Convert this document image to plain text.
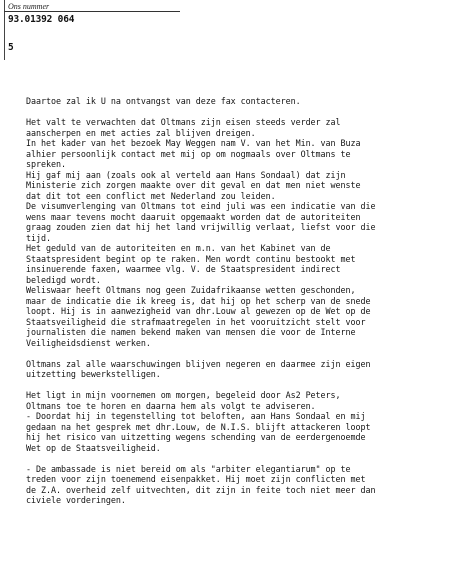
Ons nummer
93.01392 064
5
Daartoe zal ik U na ontvangst van deze fax contacteren.
Het valt te verwachten dat Oltmans zijn eisen steeds verder zal
aanscherpen en met acties zal blijven dreigen.
In het kader van het bezoek May Weggen nam V. van het Min. van Buza
alhier persoonlijk contact met mij op om nogmaals over Oltmans te
spreken.
Hij gaf mij aan (zoals ook al verteld aan Hans Sondaal) dat zijn
Ministerie zich zorgen maakte over dit geval en dat men niet wenste
dat dit tot een conflict met Nederland zou leiden.
De visumverlenging van Oltmans tot eind juli was een indicatie van die
wens maar tevens mocht daaruit opgemaakt worden dat de autoriteiten
graag zouden zien dat hij het land vrijwillig verlaat, liefst voor die
tijd.
Het geduld van de autoriteiten en m.n. van het Kabinet van de
Staatspresident begint op te raken. Men wordt continu bestookt met
insinuerende faxen, waarmee vlg. V. de Staatspresident indirect
beledigd wordt.
Weliswaar heeft Oltmans nog geen Zuidafrikaanse wetten geschonden,
maar de indicatie die ik kreeg is, dat hij op het scherp van de snede
loopt. Hij is in aanwezigheid van dhr.Louw al gewezen op de Wet op de
Staatsveiligheid die strafmaatregelen in het vooruitzicht stelt voor
journalisten die namen bekend maken van mensen die voor de Interne
Veiligheidsdienst werken.
Oltmans zal alle waarschuwingen blijven negeren en daarmee zijn eigen
uitzetting bewerkstelligen.
Het ligt in mijn voornemen om morgen, begeleid door As2 Peters,
Oltmans toe te horen en daarna hem als volgt te adviseren.
- Doordat hij in tegenstelling tot beloften, aan Hans Sondaal en mij
gedaan na het gesprek met dhr.Louw, de N.I.S. blijft attackeren loopt
hij het risico van uitzetting wegens schending van de eerdergenoemde
Wet op de Staatsveiligheid.
- De ambassade is niet bereid om als "arbiter elegantiarum" op te
treden voor zijn toenemend eisenpakket. Hij moet zijn conflicten met
de Z.A. overheid zelf uitvechten, dit zijn in feite toch niet meer dan
civiele vorderingen.
